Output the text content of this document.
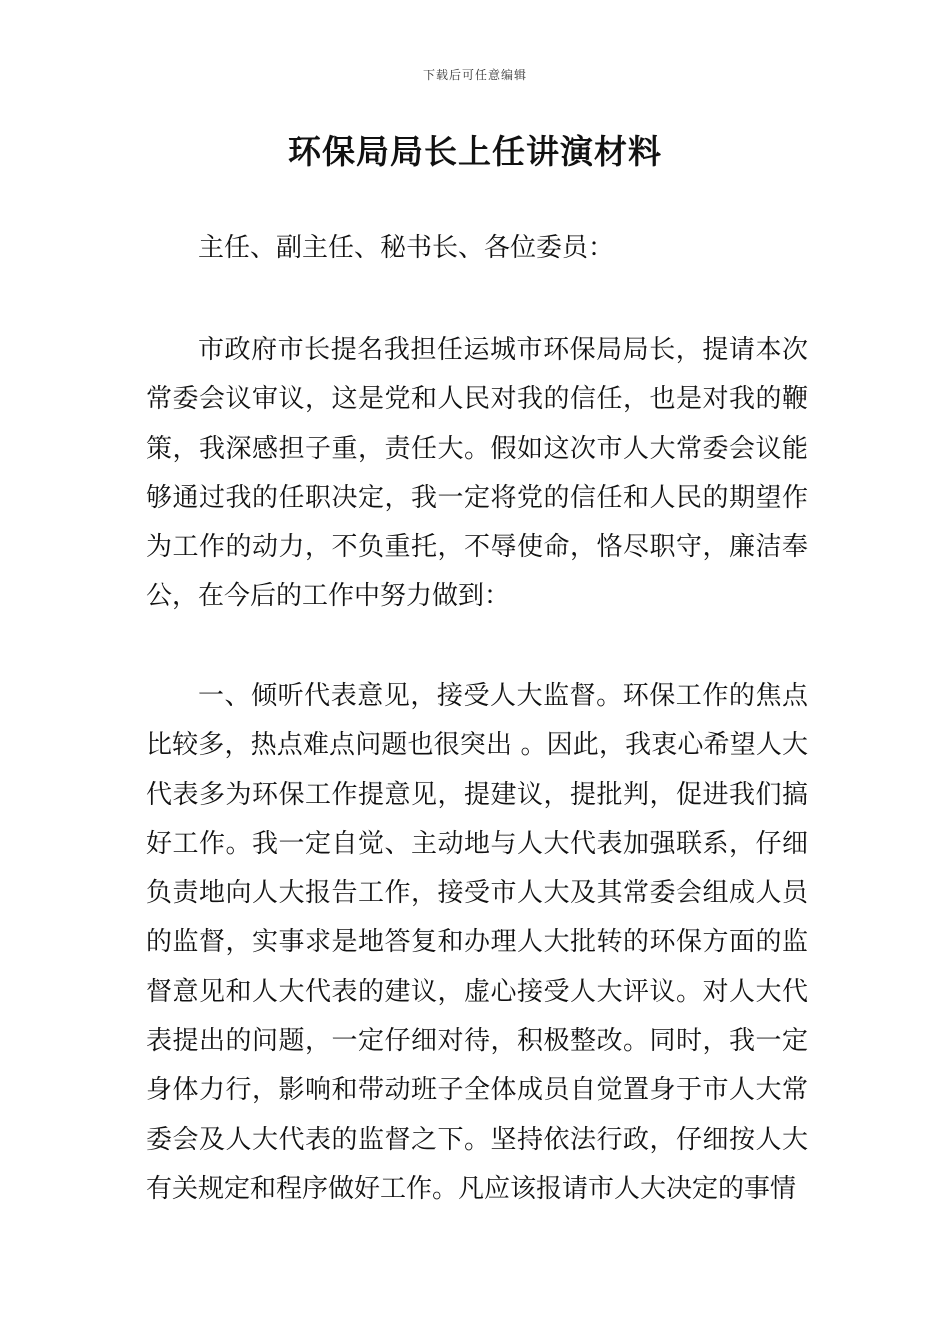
下载后可任意编辑
环保局局长上任讲演材料

主任、副主任、秘书长、各位委员：

市政府市长提名我担任运城市环保局局长，提请本次常委会议审议，这是党和人民对我的信任，也是对我的鞭策，我深感担子重，责任大。假如这次市人大常委会议能够通过我的任职决定，我一定将党的信任和人民的期望作为工作的动力，不负重托，不辱使命，恪尽职守，廉洁奉公，在今后的工作中努力做到：

一、倾听代表意见，接受人大监督。环保工作的焦点比较多，热点难点问题也很突出 。因此，我衷心希望人大代表多为环保工作提意见，提建议，提批判，促进我们搞好工作。我一定自觉、主动地与人大代表加强联系，仔细负责地向人大报告工作，接受市人大及其常委会组成人员的监督，实事求是地答复和办理人大批转的环保方面的监督意见和人大代表的建议，虚心接受人大评议。对人大代表提出的问题，一定仔细对待，积极整改。同时，我一定身体力行，影响和带动班子全体成员自觉置身于市人大常委会及人大代表的监督之下。坚持依法行政，仔细按人大有关规定和程序做好工作。凡应该报请市人大决定的事情
